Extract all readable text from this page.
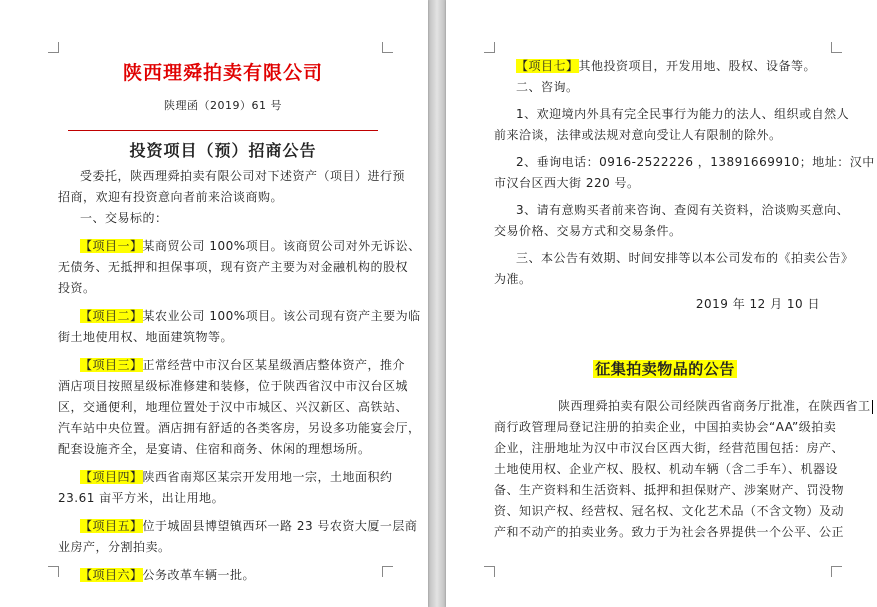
陕西理舜拍卖有限公司
陕理函（2019）61 号
投资项目（预）招商公告
受委托，陕西理舜拍卖有限公司对下述资产（项目）进行预
招商，欢迎有投资意向者前来洽谈商购。
一、交易标的：
【项目一】某商贸公司 100%项目。该商贸公司对外无诉讼、
无债务、无抵押和担保事项，现有资产主要为对金融机构的股权
投资。
【项目二】某农业公司 100%项目。该公司现有资产主要为临
街土地使用权、地面建筑物等。
【项目三】正常经营中市汉台区某星级酒店整体资产，推介
酒店项目按照星级标准修建和装修，位于陕西省汉中市汉台区城
区，交通便利，地理位置处于汉中市城区、兴汉新区、高铁站、
汽车站中央位置。酒店拥有舒适的各类客房，另设多功能宴会厅，
配套设施齐全，是宴请、住宿和商务、休闲的理想场所。
【项目四】陕西省南郑区某宗开发用地一宗，土地面积约
23.61 亩平方米，出让用地。
【项目五】位于城固县博望镇西环一路 23 号农资大厦一层商
业房产，分割拍卖。
【项目六】公务改革车辆一批。
【项目七】其他投资项目，开发用地、股权、设备等。
二、咨询。
1、欢迎境内外具有完全民事行为能力的法人、组织或自然人
前来洽谈，法律或法规对意向受让人有限制的除外。
2、垂询电话：0916-2522226 ，13891669910；地址：汉中
市汉台区西大街 220 号。
3、请有意购买者前来咨询、查阅有关资料，洽谈购买意向、
交易价格、交易方式和交易条件。
三、本公告有效期、时间安排等以本公司发布的《拍卖公告》
为准。
2019 年 12 月 10 日
征集拍卖物品的公告
陕西理舜拍卖有限公司经陕西省商务厅批准，在陕西省工
商行政管理局登记注册的拍卖企业，中国拍卖协会“AA”级拍卖
企业，注册地址为汉中市汉台区西大街，经营范围包括：房产、
土地使用权、企业产权、股权、机动车辆（含二手车）、机器设
备、生产资料和生活资料、抵押和担保财产、涉案财产、罚没物
资、知识产权、经营权、冠名权、文化艺术品（不含文物）及动
产和不动产的拍卖业务。致力于为社会各界提供一个公平、公正
